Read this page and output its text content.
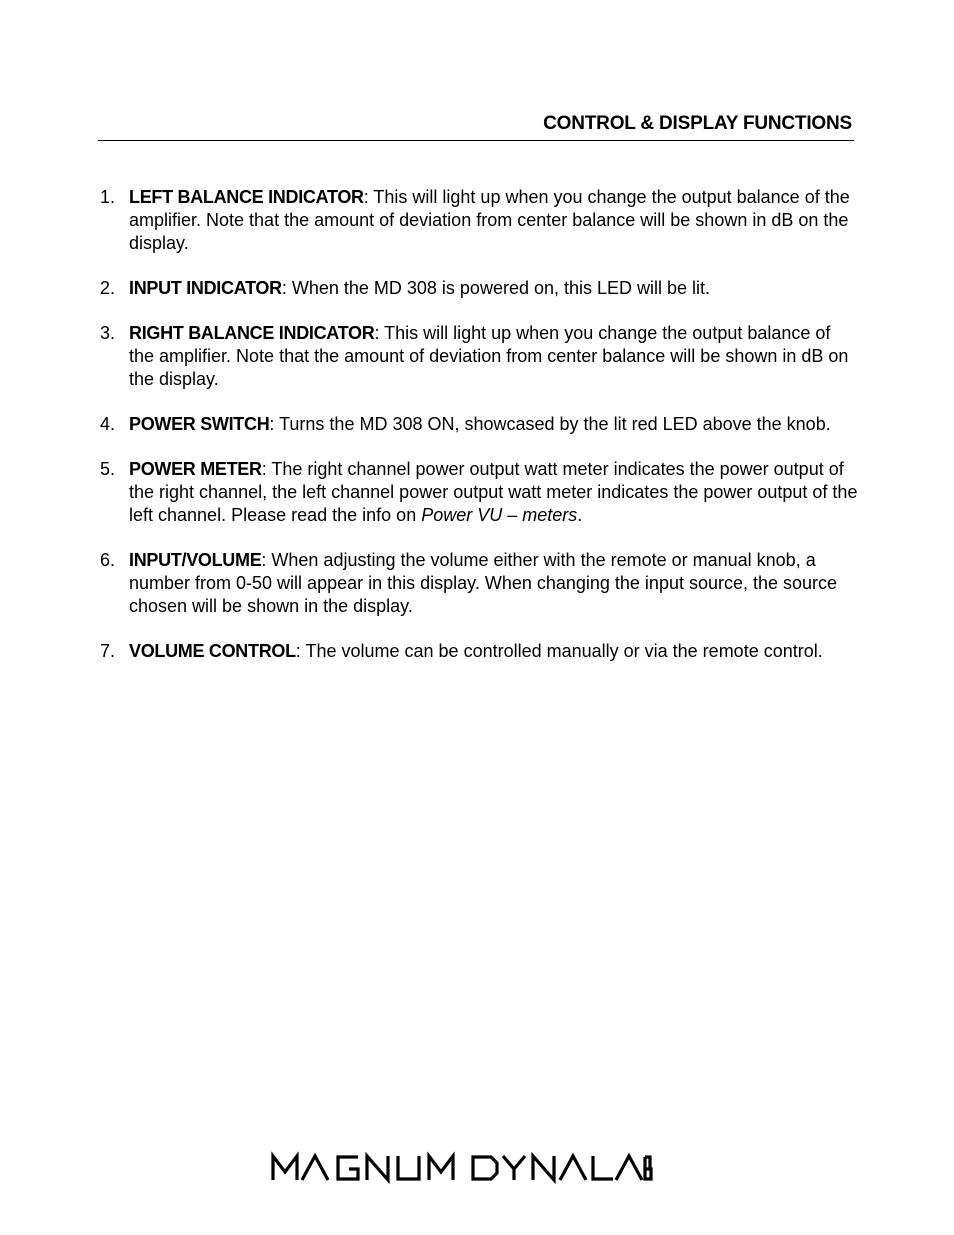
CONTROL & DISPLAY FUNCTIONS
1. LEFT BALANCE INDICATOR: This will light up when you change the output balance of the amplifier. Note that the amount of deviation from center balance will be shown in dB on the display.
2. INPUT INDICATOR: When the MD 308 is powered on, this LED will be lit.
3. RIGHT BALANCE INDICATOR: This will light up when you change the output balance of the amplifier. Note that the amount of deviation from center balance will be shown in dB on the display.
4. POWER SWITCH: Turns the MD 308 ON, showcased by the lit red LED above the knob.
5. POWER METER: The right channel power output watt meter indicates the power output of the right channel, the left channel power output watt meter indicates the power output of the left channel. Please read the info on Power VU – meters.
6. INPUT/VOLUME: When adjusting the volume either with the remote or manual knob, a number from 0-50 will appear in this display. When changing the input source, the source chosen will be shown in the display.
7. VOLUME CONTROL: The volume can be controlled manually or via the remote control.
